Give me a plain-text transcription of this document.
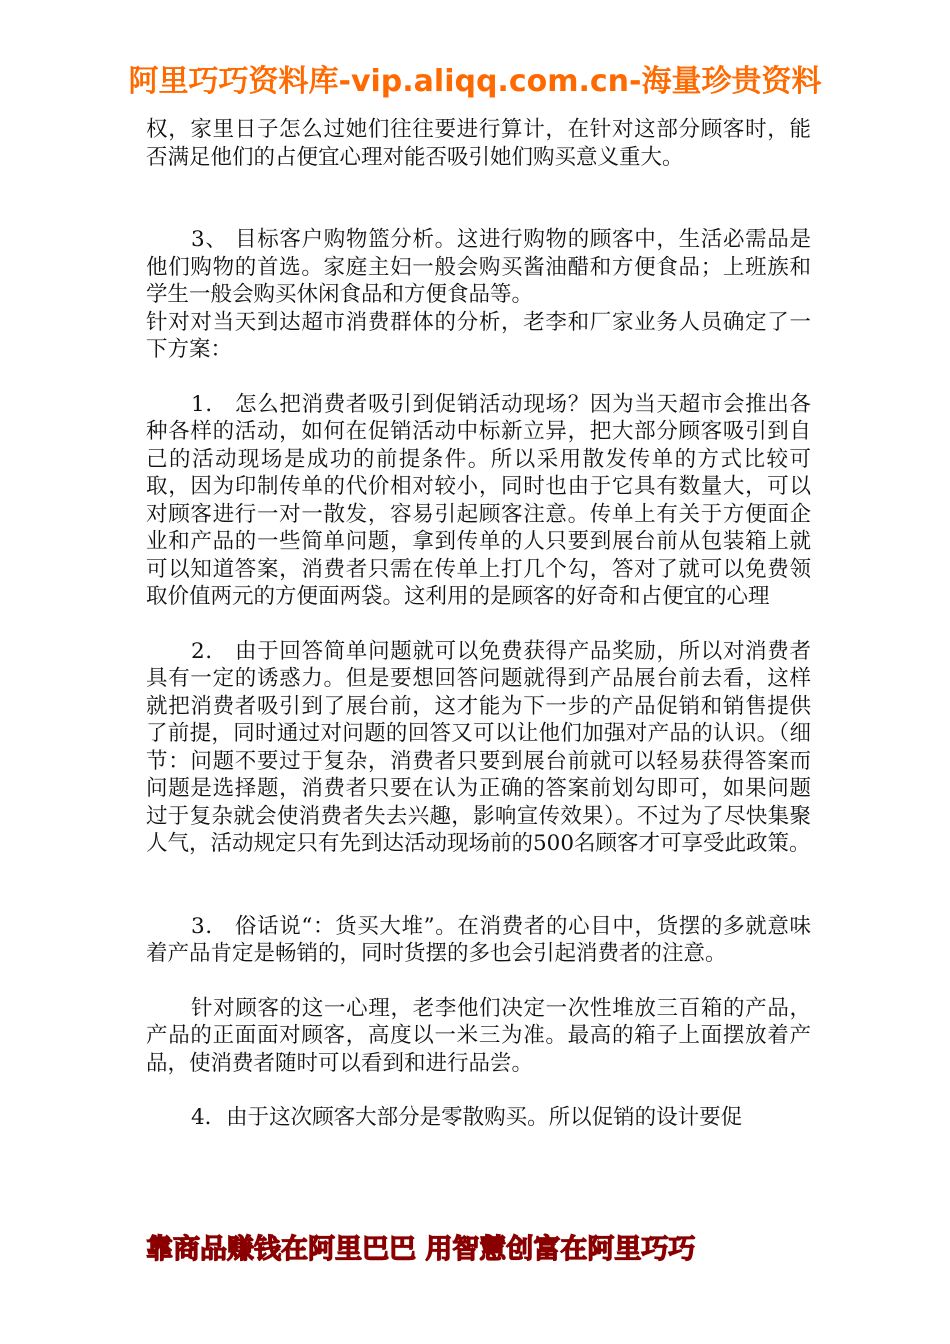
阿里巧巧资料库-vip.aliqq.com.cn-海量珍贵资料

权，家里日子怎么过她们往往要进行算计，在针对这部分顾客时，能否满足他们的占便宜心理对能否吸引她们购买意义重大。

3、 目标客户购物篮分析。这进行购物的顾客中，生活必需品是他们购物的首选。家庭主妇一般会购买酱油醋和方便食品；上班族和学生一般会购买休闲食品和方便食品等。

针对对当天到达超市消费群体的分析，老李和厂家业务人员确定了一下方案：

1． 怎么把消费者吸引到促销活动现场？因为当天超市会推出各种各样的活动，如何在促销活动中标新立异，把大部分顾客吸引到自己的活动现场是成功的前提条件。所以采用散发传单的方式比较可取，因为印制传单的代价相对较小，同时也由于它具有数量大，可以对顾客进行一对一散发，容易引起顾客注意。传单上有关于方便面企业和产品的一些简单问题，拿到传单的人只要到展台前从包装箱上就可以知道答案，消费者只需在传单上打几个勾，答对了就可以免费领取价值两元的方便面两袋。这利用的是顾客的好奇和占便宜的心理

2． 由于回答简单问题就可以免费获得产品奖励，所以对消费者具有一定的诱惑力。但是要想回答问题就得到产品展台前去看，这样就把消费者吸引到了展台前，这才能为下一步的产品促销和销售提供了前提，同时通过对问题的回答又可以让他们加强对产品的认识。（细节：问题不要过于复杂，消费者只要到展台前就可以轻易获得答案而问题是选择题，消费者只要在认为正确的答案前划勾即可，如果问题过于复杂就会使消费者失去兴趣，影响宣传效果）。不过为了尽快集聚人气，活动规定只有先到达活动现场前的500名顾客才可享受此政策。

3． 俗话说“：货买大堆”。在消费者的心目中，货摆的多就意味着产品肯定是畅销的，同时货摆的多也会引起消费者的注意。

针对顾客的这一心理，老李他们决定一次性堆放三百箱的产品，产品的正面面对顾客，高度以一米三为准。最高的箱子上面摆放着产品，使消费者随时可以看到和进行品尝。

4．由于这次顾客大部分是零散购买。所以促销的设计要促

靠商品赚钱在阿里巴巴 用智慧创富在阿里巧巧
